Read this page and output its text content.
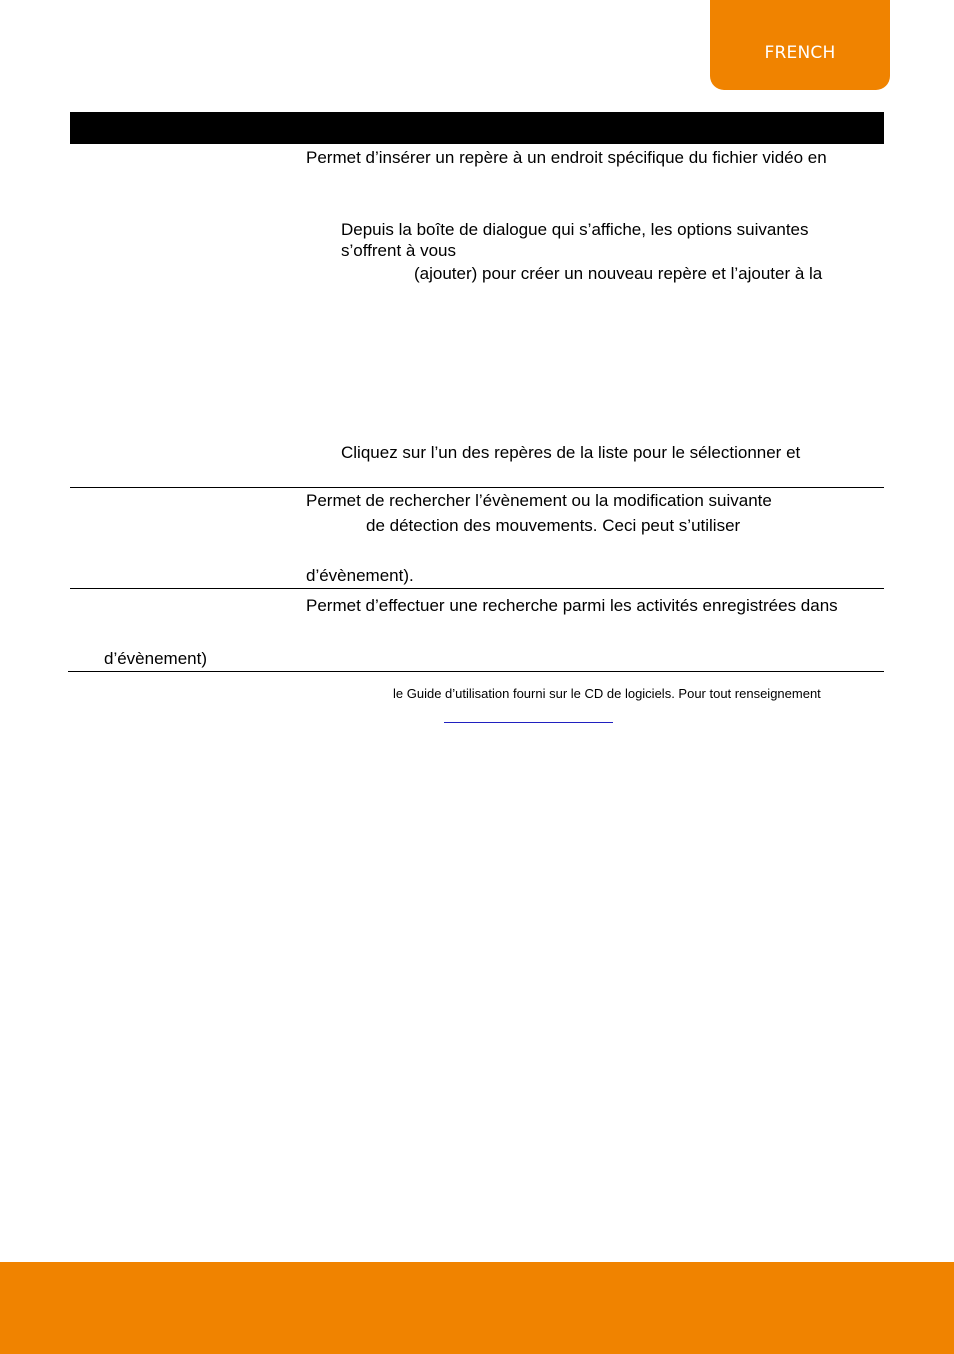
FRENCH
Permet d’insérer un repère à un endroit spécifique du fichier vidéo en
Depuis la boîte de dialogue qui s’affiche, les options suivantes
s’offrent à vous
(ajouter) pour créer un nouveau repère et l’ajouter à la
Cliquez sur l’un des repères de la liste pour le sélectionner et
Permet de rechercher l’évènement ou la modification suivante
de détection des mouvements. Ceci peut s’utiliser
d’évènement).
Permet d’effectuer une recherche parmi les activités enregistrées dans
d’évènement)
le Guide d’utilisation fourni sur le CD de logiciels. Pour tout renseignement
